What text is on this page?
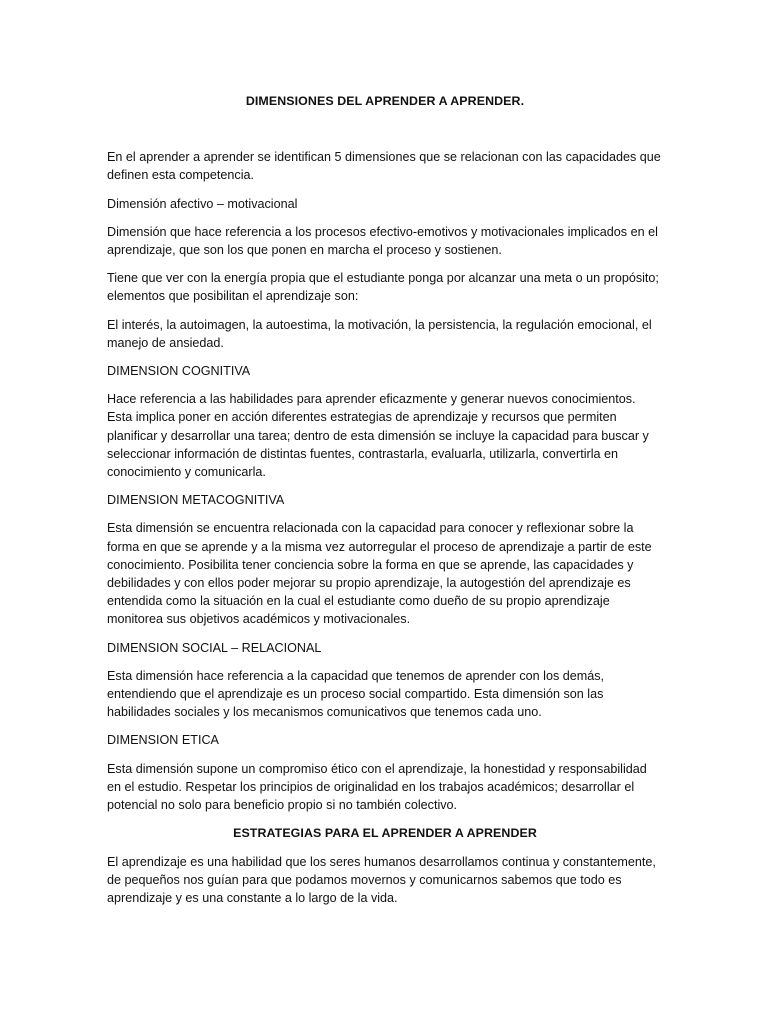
DIMENSIONES DEL APRENDER A APRENDER.

En el aprender a aprender se identifican 5 dimensiones que se relacionan con las capacidades que definen esta competencia.

Dimensión afectivo – motivacional

Dimensión que hace referencia a los procesos efectivo-emotivos y motivacionales implicados en el aprendizaje, que son los que ponen en marcha el proceso y sostienen.

Tiene que ver con la energía propia que el estudiante ponga por alcanzar una meta o un propósito; elementos que posibilitan el aprendizaje son:

El interés, la autoimagen, la autoestima, la motivación, la persistencia, la regulación emocional, el manejo de ansiedad.

DIMENSION COGNITIVA

Hace referencia a las habilidades para aprender eficazmente y generar nuevos conocimientos. Esta implica poner en acción diferentes estrategias de aprendizaje y recursos que permiten planificar y desarrollar una tarea; dentro de esta dimensión se incluye la capacidad para buscar y seleccionar información de distintas fuentes, contrastarla, evaluarla, utilizarla, convertirla en conocimiento y comunicarla.

DIMENSION METACOGNITIVA

Esta dimensión se encuentra relacionada con la capacidad para conocer y reflexionar sobre la forma en que se aprende y a la misma vez autorregular el proceso de aprendizaje a partir de este conocimiento. Posibilita tener conciencia sobre la forma en que se aprende, las capacidades y debilidades y con ellos poder mejorar su propio aprendizaje, la autogestión del aprendizaje es entendida como la situación en la cual el estudiante como dueño de su propio aprendizaje monitorea sus objetivos académicos y motivacionales.

DIMENSION SOCIAL – RELACIONAL

Esta dimensión hace referencia a la capacidad que tenemos de aprender con los demás, entendiendo que el aprendizaje es un proceso social compartido. Esta dimensión son las habilidades sociales y los mecanismos comunicativos que tenemos cada uno.

DIMENSION ETICA

Esta dimensión supone un compromiso ético con el aprendizaje, la honestidad y responsabilidad en el estudio. Respetar los principios de originalidad en los trabajos académicos; desarrollar el potencial no solo para beneficio propio si no también colectivo.

ESTRATEGIAS PARA EL APRENDER A APRENDER

El aprendizaje es una habilidad que los seres humanos desarrollamos continua y constantemente, de pequeños nos guían para que podamos movernos y comunicarnos sabemos que todo es aprendizaje y es una constante a lo largo de la vida.
